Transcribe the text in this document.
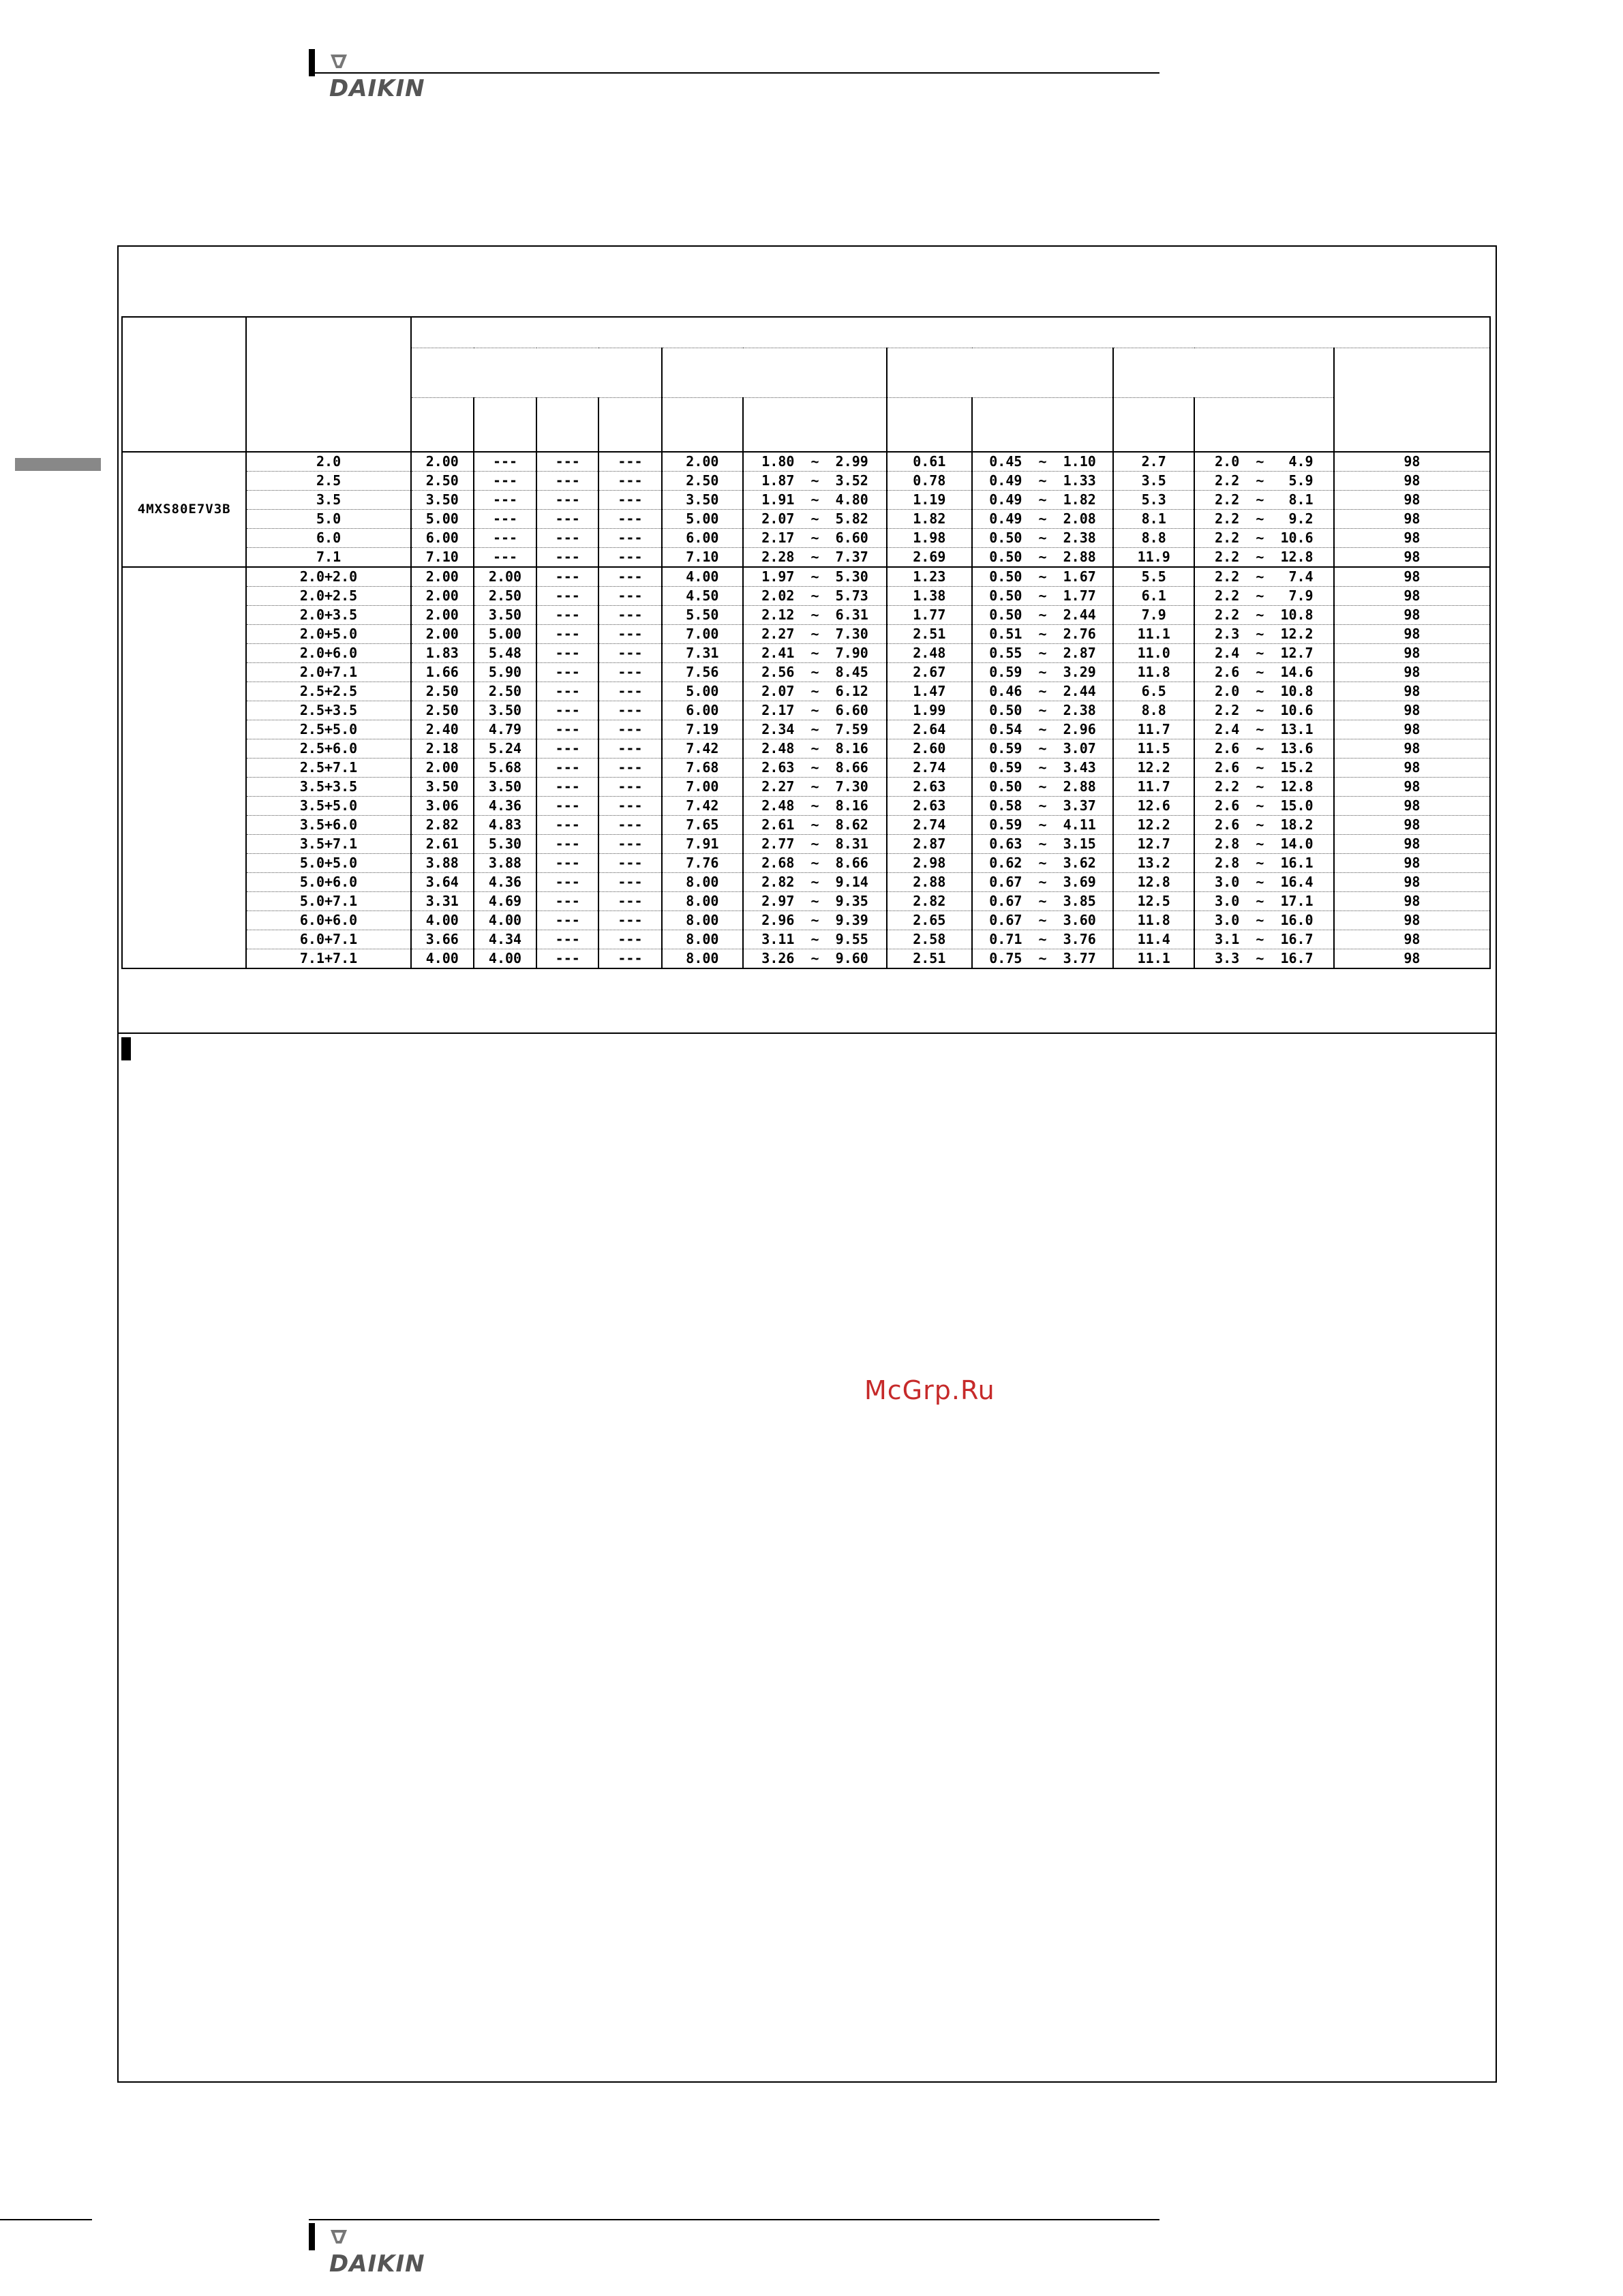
DAIKIN

4MXS80E7V3B	2.0	2.00	---	---	---	2.00	1.80  ~  2.99	0.61	0.45  ~  1.10	2.7	2.0  ~   4.9	98
	2.5	2.50	---	---	---	2.50	1.87  ~  3.52	0.78	0.49  ~  1.33	3.5	2.2  ~   5.9	98
	3.5	3.50	---	---	---	3.50	1.91  ~  4.80	1.19	0.49  ~  1.82	5.3	2.2  ~   8.1	98
	5.0	5.00	---	---	---	5.00	2.07  ~  5.82	1.82	0.49  ~  2.08	8.1	2.2  ~   9.2	98
	6.0	6.00	---	---	---	6.00	2.17  ~  6.60	1.98	0.50  ~  2.38	8.8	2.2  ~  10.6	98
	7.1	7.10	---	---	---	7.10	2.28  ~  7.37	2.69	0.50  ~  2.88	11.9	2.2  ~  12.8	98
	2.0+2.0	2.00	2.00	---	---	4.00	1.97  ~  5.30	1.23	0.50  ~  1.67	5.5	2.2  ~   7.4	98
	2.0+2.5	2.00	2.50	---	---	4.50	2.02  ~  5.73	1.38	0.50  ~  1.77	6.1	2.2  ~   7.9	98
	2.0+3.5	2.00	3.50	---	---	5.50	2.12  ~  6.31	1.77	0.50  ~  2.44	7.9	2.2  ~  10.8	98
	2.0+5.0	2.00	5.00	---	---	7.00	2.27  ~  7.30	2.51	0.51  ~  2.76	11.1	2.3  ~  12.2	98
	2.0+6.0	1.83	5.48	---	---	7.31	2.41  ~  7.90	2.48	0.55  ~  2.87	11.0	2.4  ~  12.7	98
	2.0+7.1	1.66	5.90	---	---	7.56	2.56  ~  8.45	2.67	0.59  ~  3.29	11.8	2.6  ~  14.6	98
	2.5+2.5	2.50	2.50	---	---	5.00	2.07  ~  6.12	1.47	0.46  ~  2.44	6.5	2.0  ~  10.8	98
	2.5+3.5	2.50	3.50	---	---	6.00	2.17  ~  6.60	1.99	0.50  ~  2.38	8.8	2.2  ~  10.6	98
	2.5+5.0	2.40	4.79	---	---	7.19	2.34  ~  7.59	2.64	0.54  ~  2.96	11.7	2.4  ~  13.1	98
	2.5+6.0	2.18	5.24	---	---	7.42	2.48  ~  8.16	2.60	0.59  ~  3.07	11.5	2.6  ~  13.6	98
	2.5+7.1	2.00	5.68	---	---	7.68	2.63  ~  8.66	2.74	0.59  ~  3.43	12.2	2.6  ~  15.2	98
	3.5+3.5	3.50	3.50	---	---	7.00	2.27  ~  7.30	2.63	0.50  ~  2.88	11.7	2.2  ~  12.8	98
	3.5+5.0	3.06	4.36	---	---	7.42	2.48  ~  8.16	2.63	0.58  ~  3.37	12.6	2.6  ~  15.0	98
	3.5+6.0	2.82	4.83	---	---	7.65	2.61  ~  8.62	2.74	0.59  ~  4.11	12.2	2.6  ~  18.2	98
	3.5+7.1	2.61	5.30	---	---	7.91	2.77  ~  8.31	2.87	0.63  ~  3.15	12.7	2.8  ~  14.0	98
	5.0+5.0	3.88	3.88	---	---	7.76	2.68  ~  8.66	2.98	0.62  ~  3.62	13.2	2.8  ~  16.1	98
	5.0+6.0	3.64	4.36	---	---	8.00	2.82  ~  9.14	2.88	0.67  ~  3.69	12.8	3.0  ~  16.4	98
	5.0+7.1	3.31	4.69	---	---	8.00	2.97  ~  9.35	2.82	0.67  ~  3.85	12.5	3.0  ~  17.1	98
	6.0+6.0	4.00	4.00	---	---	8.00	2.96  ~  9.39	2.65	0.67  ~  3.60	11.8	3.0  ~  16.0	98
	6.0+7.1	3.66	4.34	---	---	8.00	3.11  ~  9.55	2.58	0.71  ~  3.76	11.4	3.1  ~  16.7	98
	7.1+7.1	4.00	4.00	---	---	8.00	3.26  ~  9.60	2.51	0.75  ~  3.77	11.1	3.3  ~  16.7	98
McGrp.Ru
DAIKIN
